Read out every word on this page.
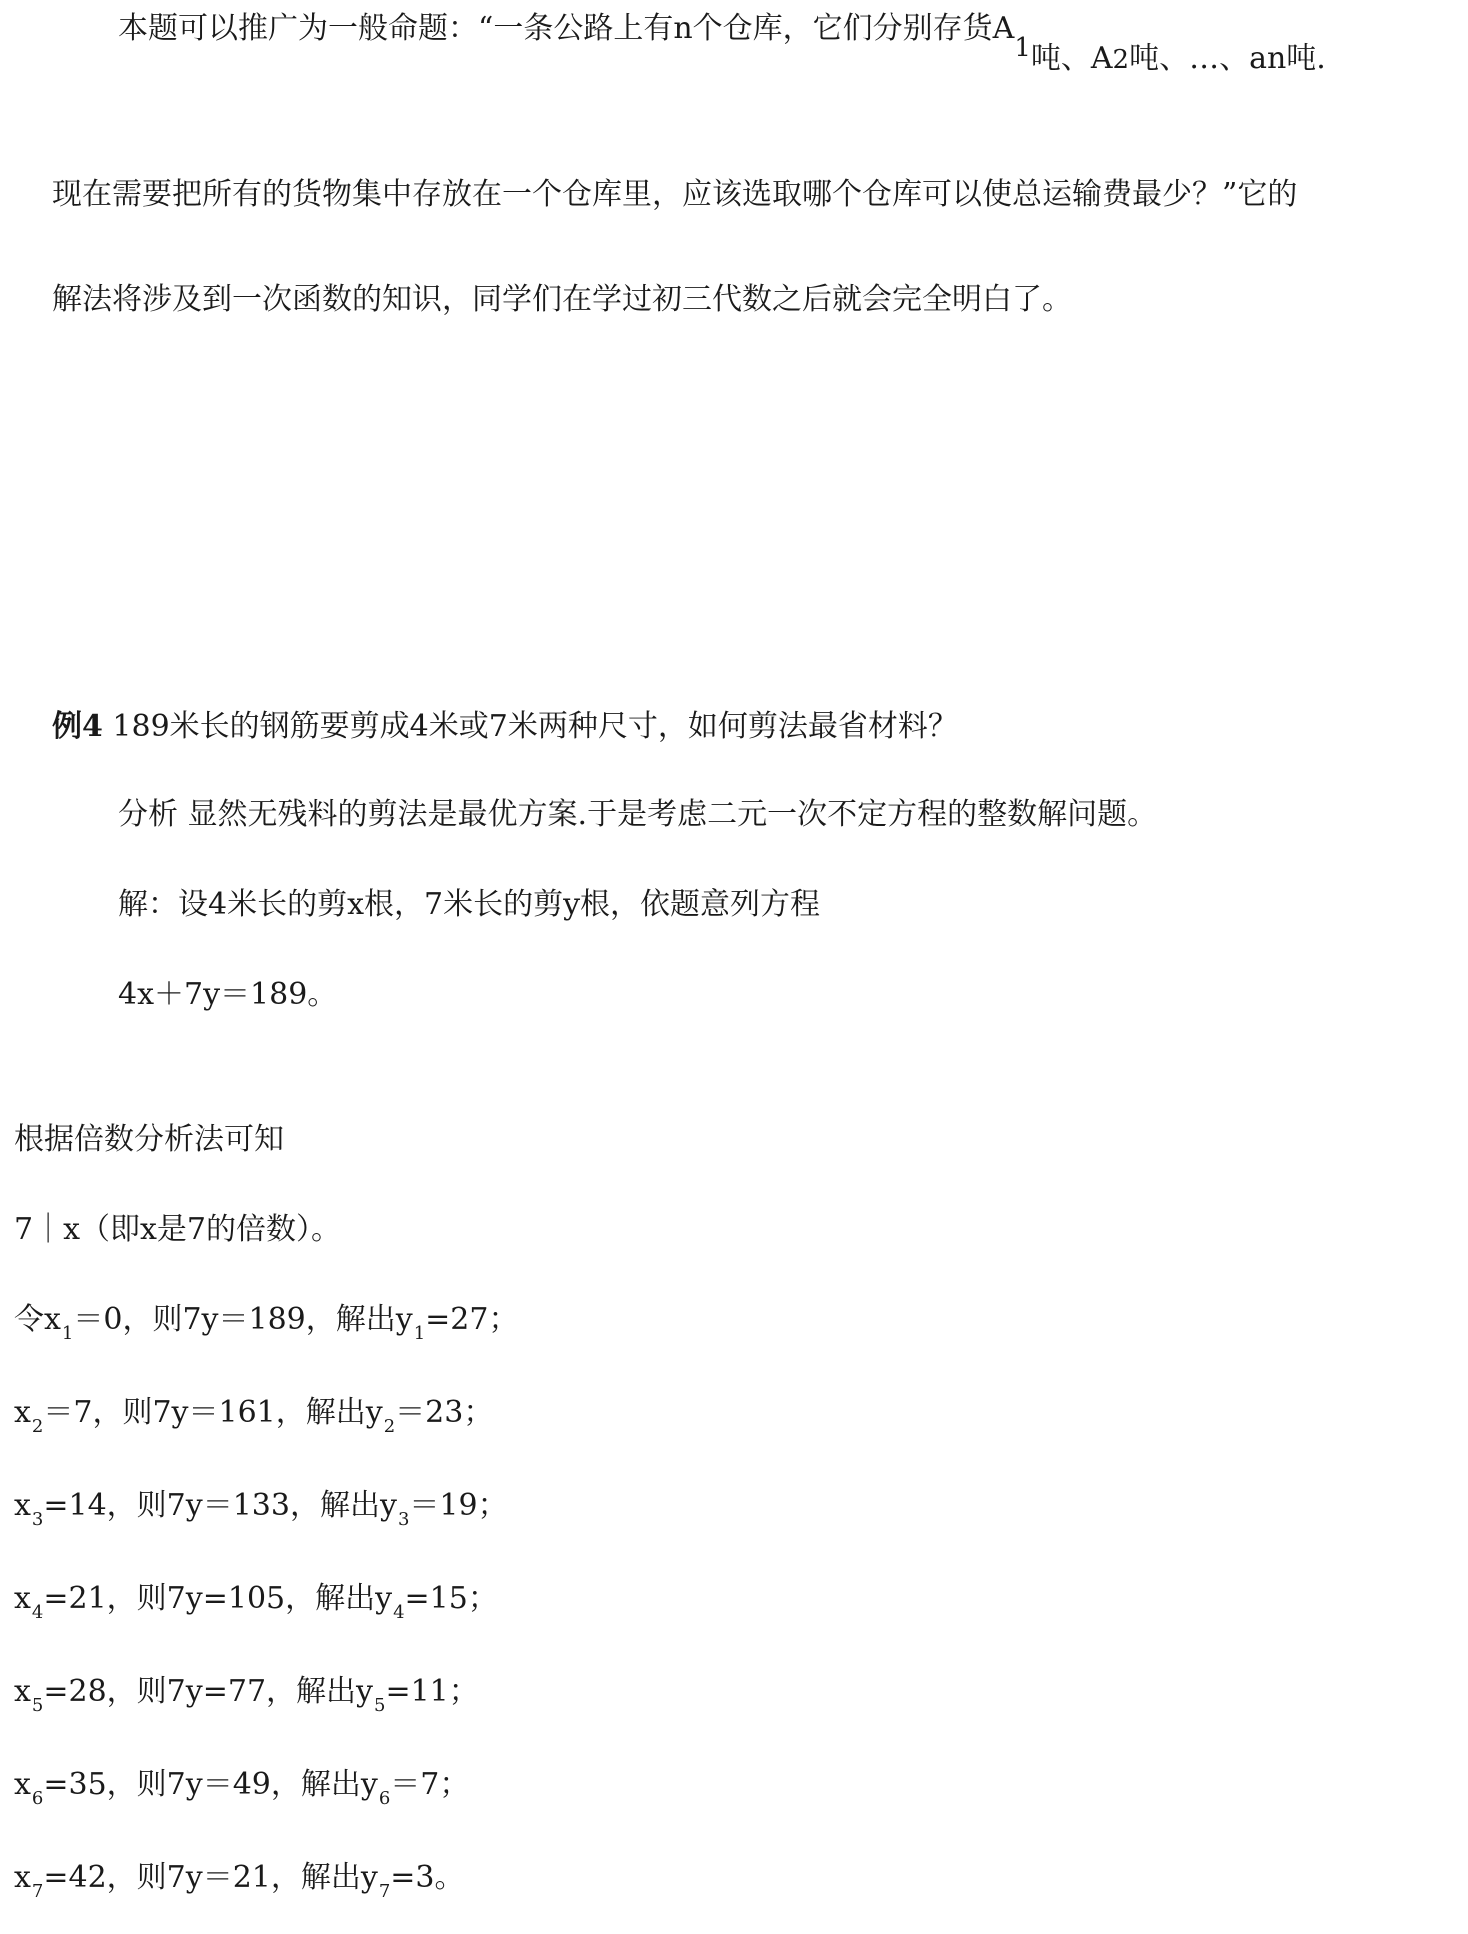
本题可以推广为一般命题：“一条公路上有n个仓库，它们分别存货A1吨、A2吨、…、an吨.
现在需要把所有的货物集中存放在一个仓库里，应该选取哪个仓库可以使总运输费最少？”它的
解法将涉及到一次函数的知识，同学们在学过初三代数之后就会完全明白了。
例4 189米长的钢筋要剪成4米或7米两种尺寸，如何剪法最省材料？
分析 显然无残料的剪法是最优方案.于是考虑二元一次不定方程的整数解问题。
解：设4米长的剪x根，7米长的剪y根，依题意列方程
4x＋7y＝189。
根据倍数分析法可知
7｜x（即x是7的倍数）。
令$x_1=0$，则7y＝189，解出$y_1=27$；
$x_2=7$，则7y＝161，解出$y_2=23$；
$x_3=14$，则7y＝133，解出$y_3=19$；
$x_4=21$，则7y=105，解出$y_4=15$；
$x_5=28$，则7y=77，解出$y_5=11$；
$x_6=35$，则7y＝49，解出$y_6=7$；
$x_7=42$，则7y＝21，解出$y_7=3$。
